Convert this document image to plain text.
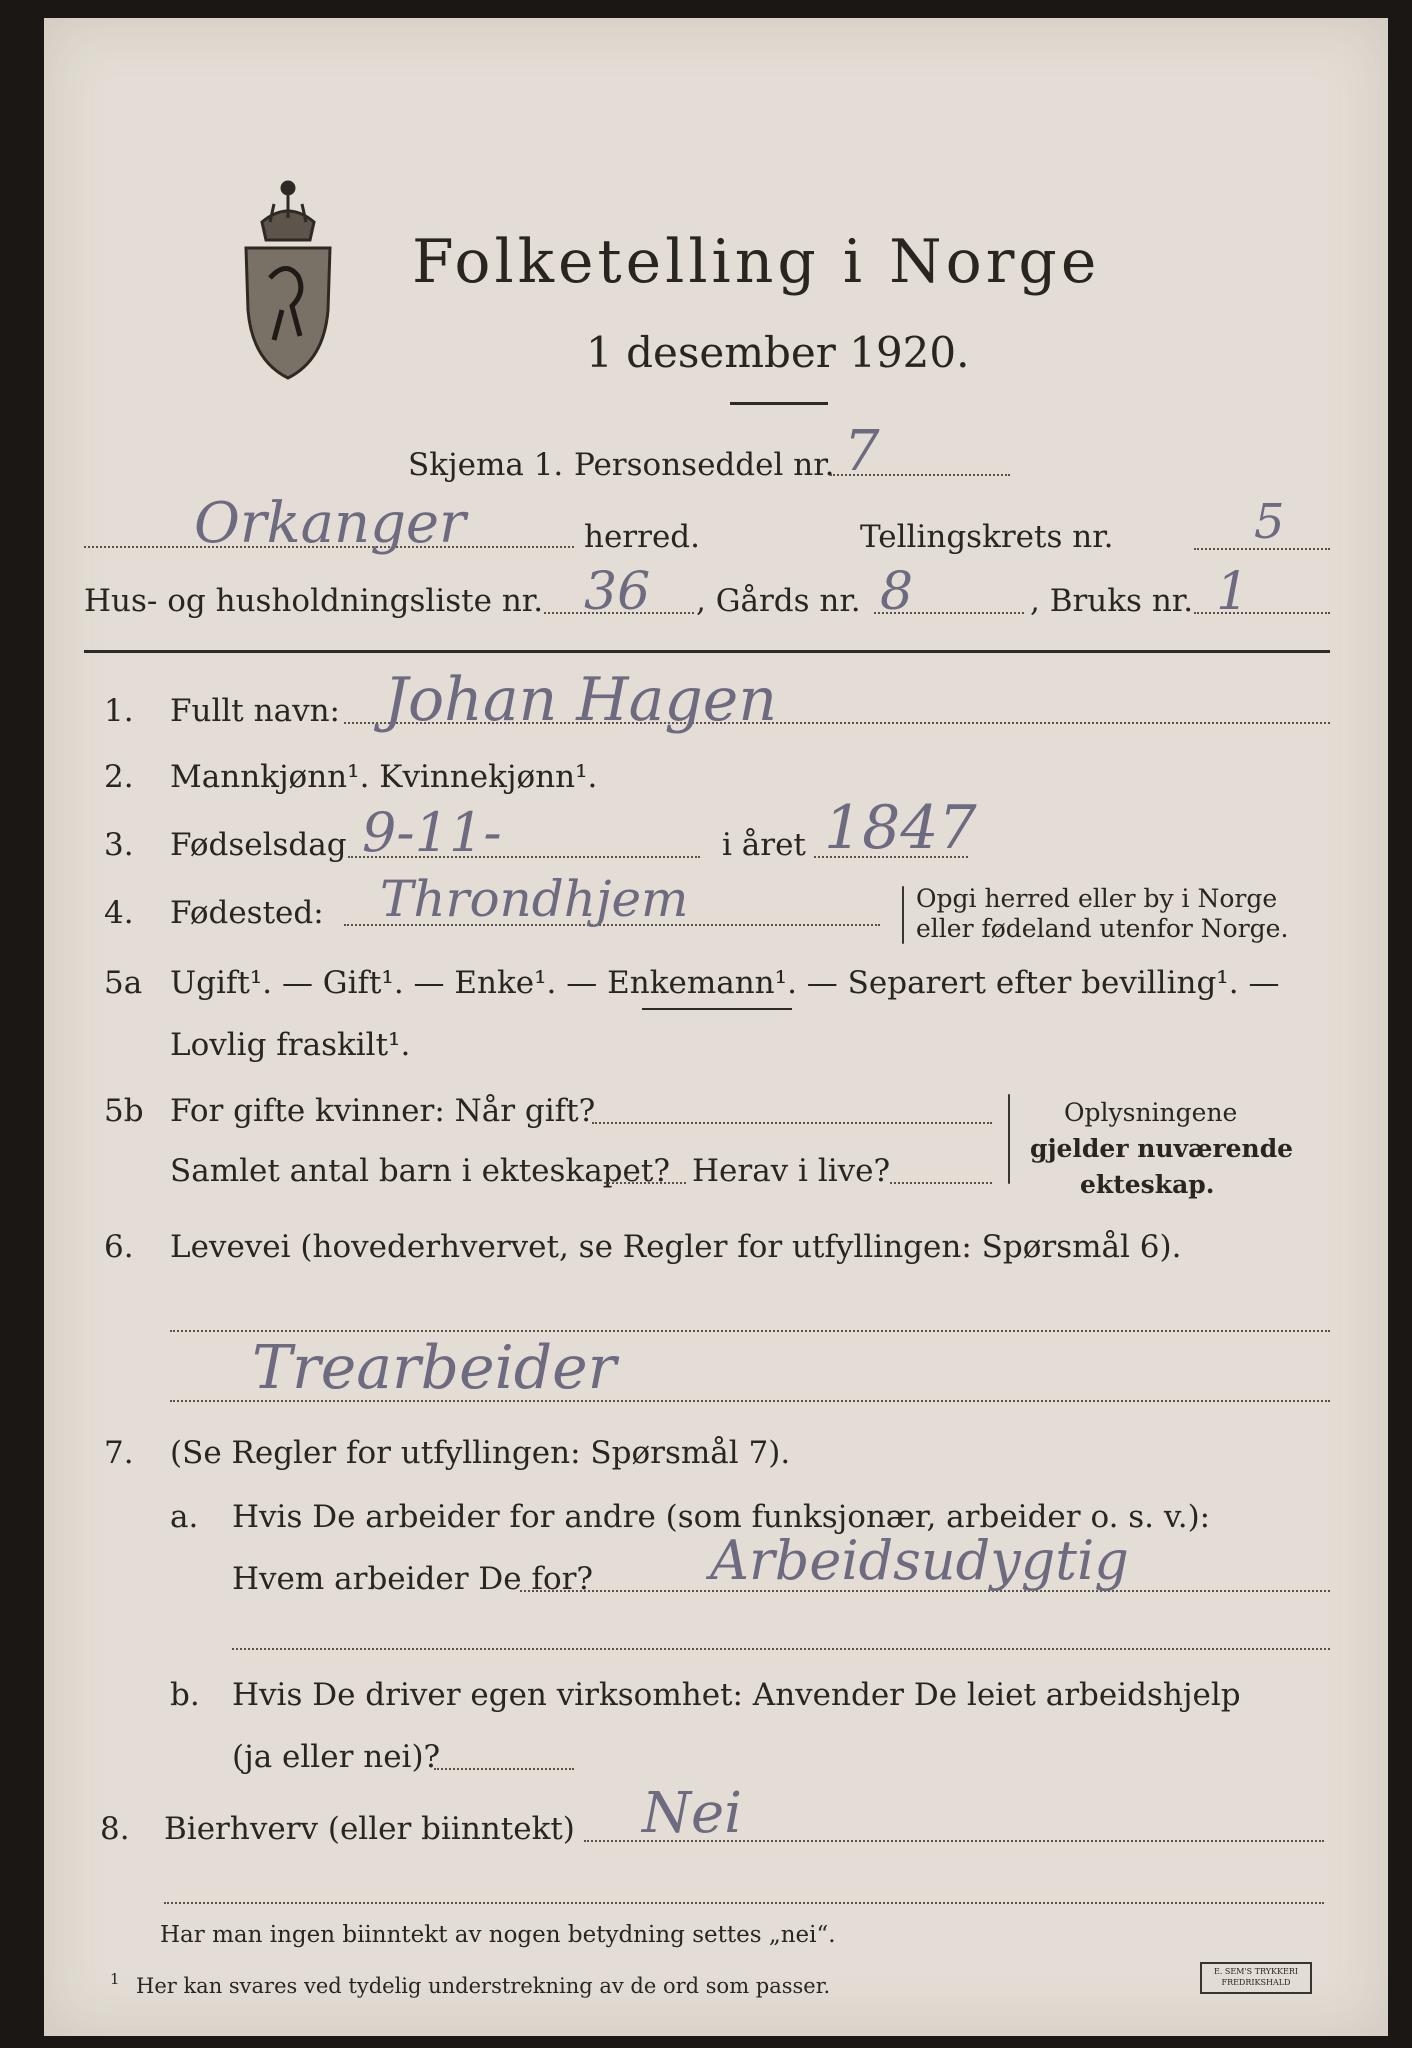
Folketelling i Norge
1 desember 1920.
Skjema 1. Personseddel nr. 7
Orkanger	herred.	Tellingskrets nr.	5
Hus- og husholdningsliste nr. 36 , Gårds nr. 8	, Bruks nr. 1
1. Fullt navn: Johan Hagen
2. Mannkjønn¹. Kvinnekjønn¹.
3. Fødselsdag 9-11-	i året 1847
4. Fødested: Throndhjem	Opgi herred eller by i Norge
eller fødeland utenfor Norge.
5a Ugift¹. — Gift¹. — Enke¹. — Enkemann¹. — Separert efter bevilling¹. —
Lovlig fraskilt¹.
5b For gifte kvinner: Når gift?
Samlet antal barn i ekteskapet? Herav i live?
Oplysningene
gjelder nuværende
ekteskap.
6. Levevei (hovederhvervet, se Regler for utfyllingen: Spørsmål 6).
Trearbeider
7. (Se Regler for utfyllingen: Spørsmål 7).
a. Hvis De arbeider for andre (som funksjonær, arbeider o. s. v.):
Hvem arbeider De for? Arbeidsudygtig
b. Hvis De driver egen virksomhet: Anvender De leiet arbeidshjelp
(ja eller nei)?
8. Bierhverv (eller biinntekt) Nei
Har man ingen biinntekt av nogen betydning settes „nei“.
1 Her kan svares ved tydelig understrekning av de ord som passer.
E. SEM'S TRYKKERI
FREDRIKSHALD
